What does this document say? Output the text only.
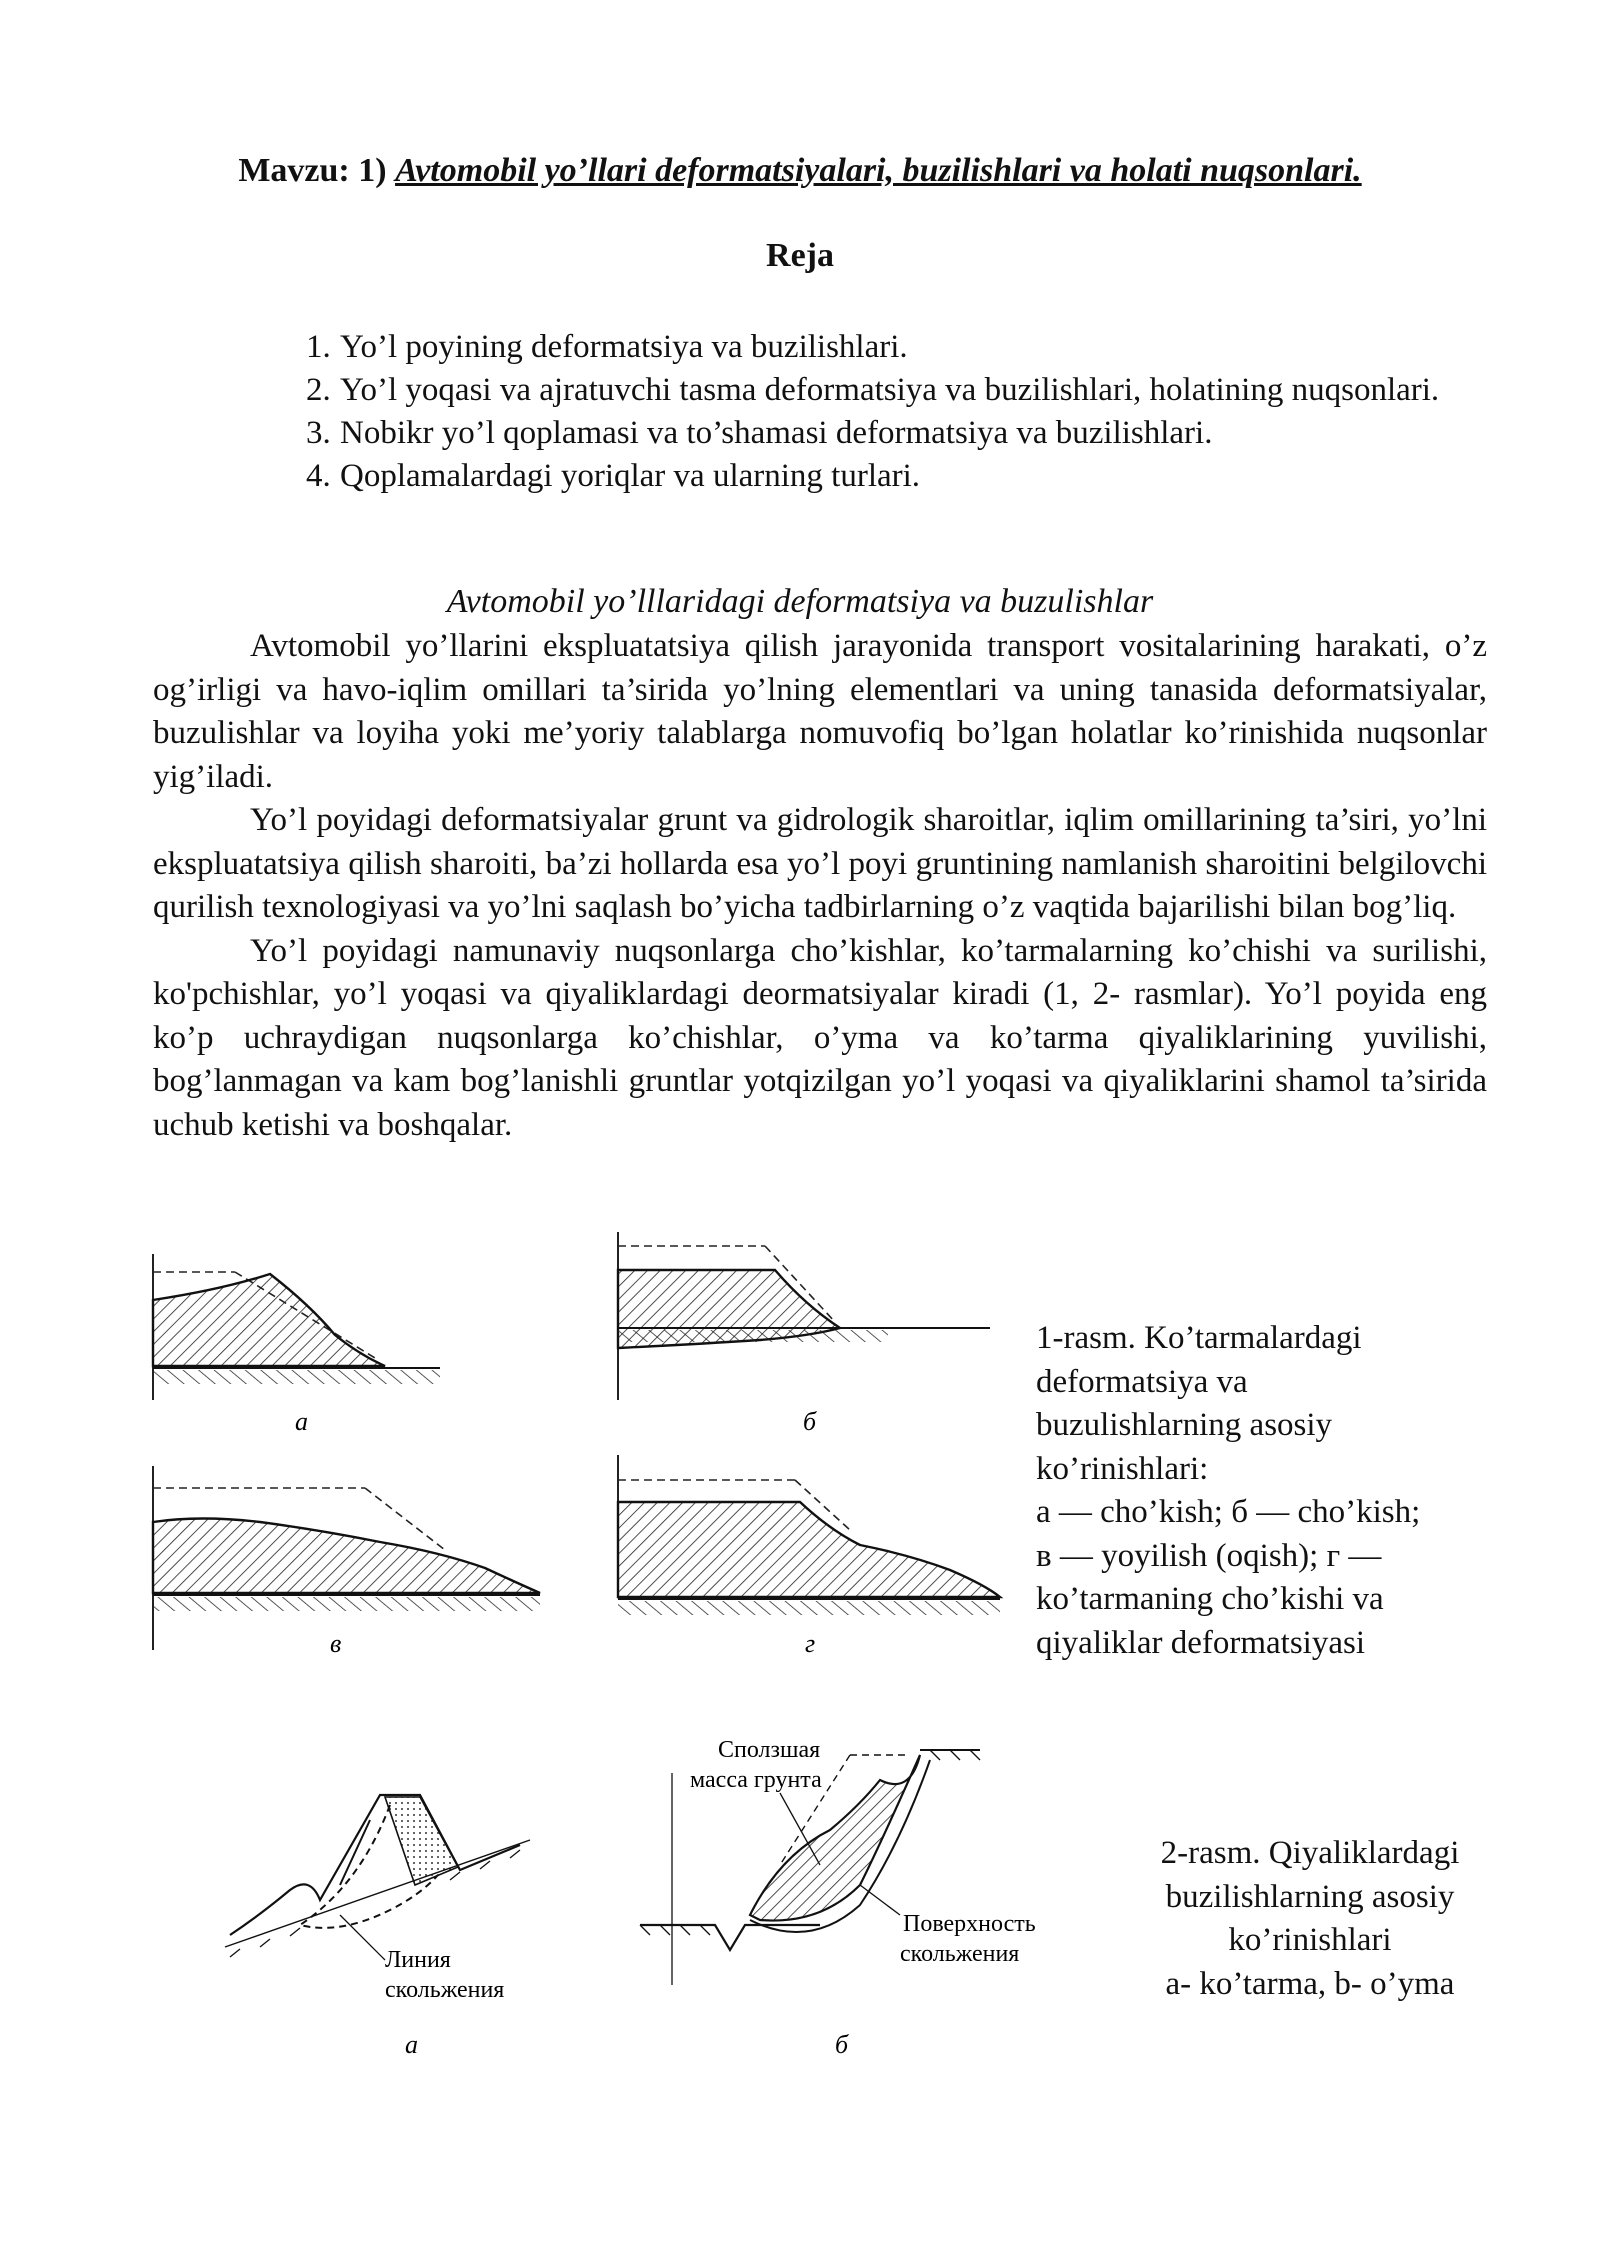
Mavzu: 1) Avtomobil yo’llari deformatsiyalari, buzilishlari va holati nuqsonlari.
Reja
1. Yo’l poyining deformatsiya va buzilishlari.
2. Yo’l yoqasi va ajratuvchi tasma deformatsiya va buzilishlari, holatining nuqsonlari.
3. Nobikr yo’l qoplamasi va to’shamasi deformatsiya va buzilishlari.
4. Qoplamalardagi yoriqlar va ularning turlari.
Avtomobil yo’lllaridagi deformatsiya va buzulishlar

Avtomobil yo’llarini ekspluatatsiya qilish jarayonida transport vositalarining harakati, o’z og’irligi va havo-iqlim omillari ta’sirida yo’lning elementlari va uning tanasida deformatsiyalar, buzulishlar va loyiha yoki me’yoriy talablarga nomuvofiq bo’lgan holatlar ko’rinishida nuqsonlar yig’iladi.

Yo’l poyidagi deformatsiyalar grunt va gidrologik sharoitlar, iqlim omillarining ta’siri, yo’lni ekspluatatsiya qilish sharoiti, ba’zi hollarda esa yo’l poyi gruntining namlanish sharoitini belgilovchi qurilish texnologiyasi va yo’lni saqlash bo’yicha tadbirlarning o’z vaqtida bajarilishi bilan bog’liq.

Yo’l poyidagi namunaviy nuqsonlarga cho’kishlar, ko’tarmalarning ko’chishi va surilishi, ko'pchishlar, yo’l yoqasi va qiyaliklardagi deormatsiyalar kiradi (1, 2- rasmlar). Yo’l poyida eng ko’p uchraydigan nuqsonlarga ko’chishlar, o’yma va ko’tarma qiyaliklarining yuvilishi, bog’lanmagan va kam bog’lanishli gruntlar yotqizilgan yo’l yoqasi va qiyaliklarini shamol ta’sirida uchub ketishi va boshqalar.

а	б
в	г
1-rasm. Ko’tarmalardagi
deformatsiya va
buzulishlarning asosiy
ko’rinishlari:
а — cho’kish; б — cho’kish;
в — yoyilish (oqish); г —
ko’tarmaning cho’kishi va
qiyaliklar deformatsiyasi
Линия
скольжения
а
Сползшая
масса грунта
Поверхность
скольжения
б
2-rasm. Qiyaliklardagi
buzilishlarning asosiy
ko’rinishlari
a- ko’tarma, b- o’yma
